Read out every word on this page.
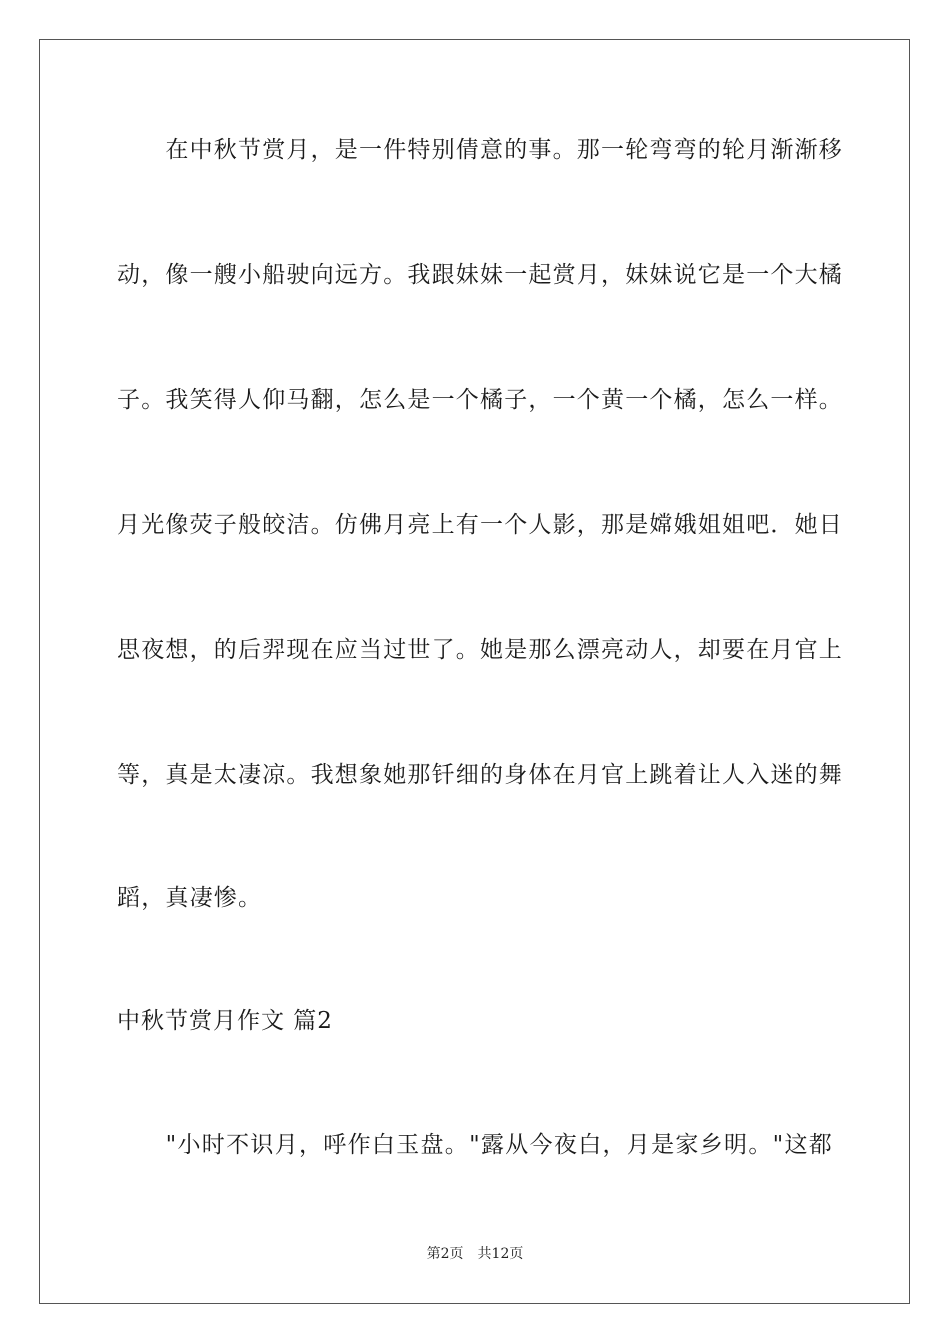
　　在中秋节赏月，是一件特别倩意的事。那一轮弯弯的轮月渐渐移
动，像一艘小船驶向远方。我跟妹妹一起赏月，妹妹说它是一个大橘
子。我笑得人仰马翻，怎么是一个橘子，一个黄一个橘，怎么一样。
月光像荧子般皎洁。仿佛月亮上有一个人影，那是嫦娥姐姐吧．她日
思夜想，的后羿现在应当过世了。她是那么漂亮动人，却要在月官上
等，真是太凄凉。我想象她那钎细的身体在月官上跳着让人入迷的舞
蹈，真凄惨。
中秋节赏月作文 篇2
　　"小时不识月，呼作白玉盘。"露从今夜白，月是家乡明。"这都
第2页　共12页
